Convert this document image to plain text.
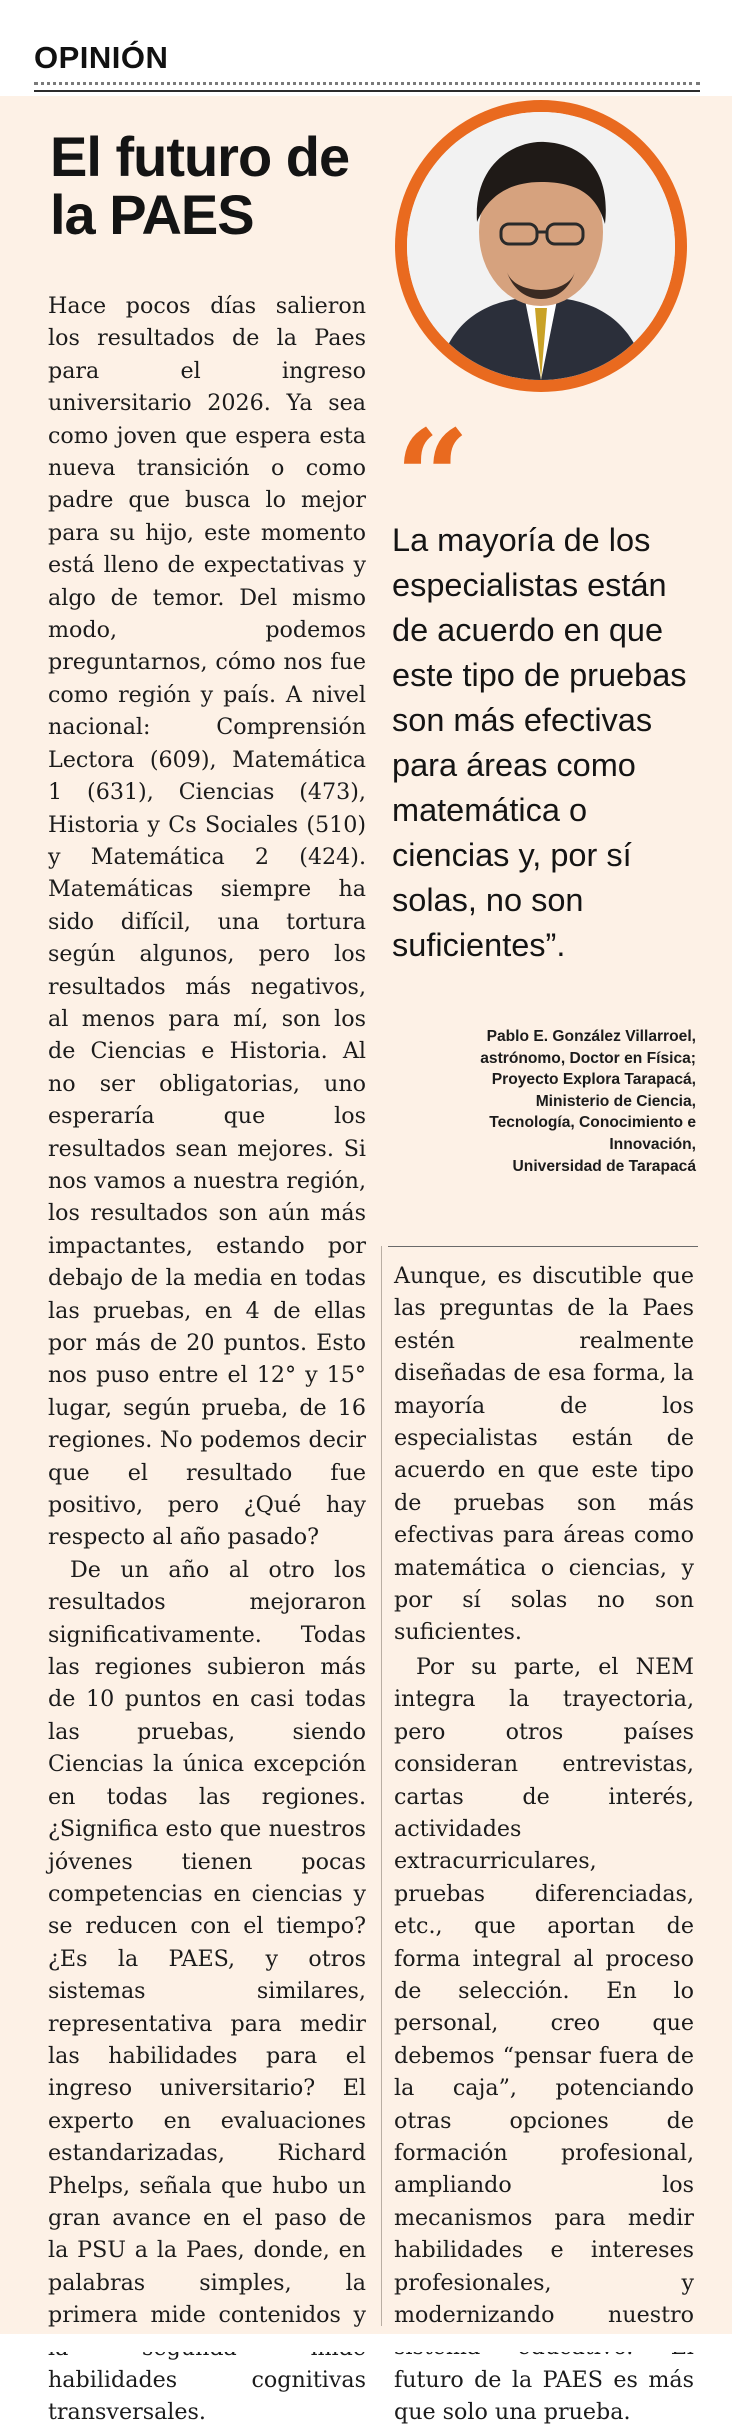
OPINIÓN
El futuro de la PAES

Hace pocos días salieron los resultados de la Paes para el ingreso universitario 2026. Ya sea como joven que espera esta nueva transición o como padre que busca lo mejor para su hijo, este momento está lleno de expectativas y algo de temor. Del mismo modo, podemos preguntarnos, cómo nos fue como región y país. A nivel nacional: Comprensión Lectora (609), Matemática 1 (631), Ciencias (473), Historia y Cs Sociales (510) y Matemática 2 (424). Matemáticas siempre ha sido difícil, una tortura según algunos, pero los resultados más negativos, al menos para mí, son los de Ciencias e Historia. Al no ser obligatorias, uno esperaría que los resultados sean mejores. Si nos vamos a nuestra región, los resultados son aún más impactantes, estando por debajo de la media en todas las pruebas, en 4 de ellas por más de 20 puntos. Esto nos puso entre el 12° y 15° lugar, según prueba, de 16 regiones. No podemos decir que el resultado fue positivo, pero ¿Qué hay respecto al año pasado?

De un año al otro los resultados mejoraron significativamente. Todas las regiones subieron más de 10 puntos en casi todas las pruebas, siendo Ciencias la única excepción en todas las regiones. ¿Significa esto que nuestros jóvenes tienen pocas competencias en ciencias y se reducen con el tiempo? ¿Es la PAES, y otros sistemas similares, representativa para medir las habilidades para el ingreso universitario? El experto en evaluaciones estandarizadas, Richard Phelps, señala que hubo un gran avance en el paso de la PSU a la Paes, donde, en palabras simples, la primera mide contenidos y habilidades cognitivas transversales.

“
La mayoría de los especialistas están de acuerdo en que este tipo de pruebas son más efectivas para áreas como matemática o ciencias y, por sí solas, no son suficientes”.
Pablo E. González Villarroel,
astrónomo, Doctor en Física;
Proyecto Explora Tarapacá,
Ministerio de Ciencia,
Tecnología, Conocimiento e
Innovación,
Universidad de Tarapacá

Aunque, es discutible que las preguntas de la Paes estén realmente diseñadas de esa forma, la mayoría de los especialistas están de acuerdo en que este tipo de pruebas son más efectivas para áreas como matemática o ciencias, y por sí solas no son suficientes.

Por su parte, el NEM integra la trayectoria, pero otros países consideran entrevistas, cartas de interés, actividades extracurriculares, pruebas diferenciadas, etc., que aportan de forma integral al proceso de selección. En lo personal, creo que debemos “pensar fuera de la caja”, potenciando otras opciones de formación profesional, ampliando los mecanismos para medir habilidades e intereses profesionales, y modernizando nuestro futuro de la PAES es más que solo una prueba.
